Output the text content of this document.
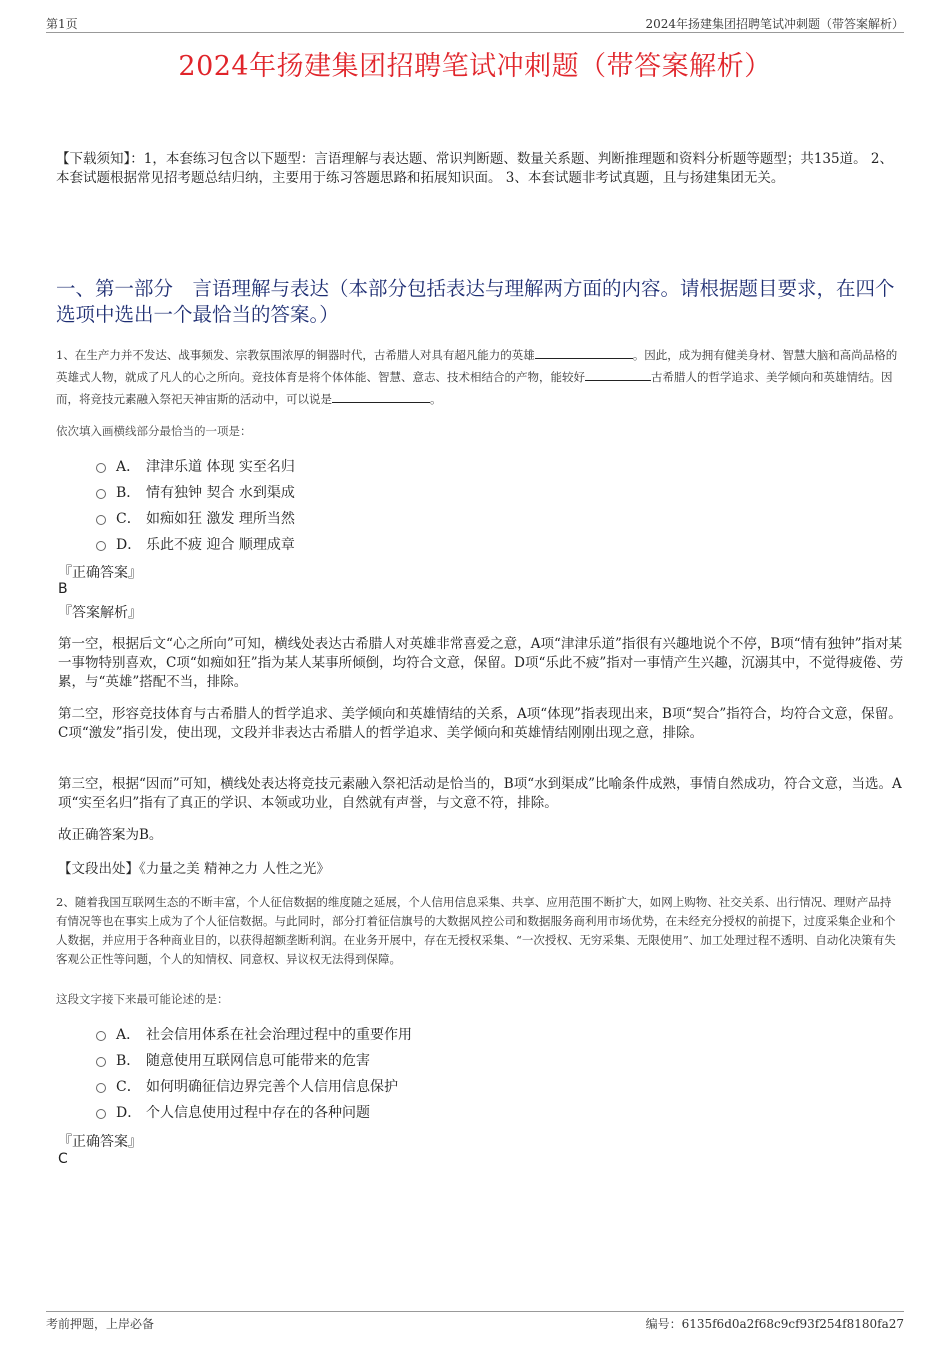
第1页	2024年扬建集团招聘笔试冲刺题（带答案解析）
2024年扬建集团招聘笔试冲刺题（带答案解析）
【下载须知】：1，本套练习包含以下题型：言语理解与表达题、常识判断题、数量关系题、判断推理题和资料分析题等题型；共135道。 2、本套试题根据常见招考题总结归纳，主要用于练习答题思路和拓展知识面。 3、本套试题非考试真题，且与扬建集团无关。
一、第一部分　言语理解与表达（本部分包括表达与理解两方面的内容。请根据题目要求，在四个选项中选出一个最恰当的答案。）
1、在生产力并不发达、战事频发、宗教氛围浓厚的铜器时代，古希腊人对具有超凡能力的英雄	。因此，成为拥有健美身材、智慧大脑和高尚品格的英雄式人物，就成了凡人的心之所向。竞技体育是将个体体能、智慧、意志、技术相结合的产物，能较好	古希腊人的哲学追求、美学倾向和英雄情结。因而，将竞技元素融入祭祀天神宙斯的活动中，可以说是	。
依次填入画横线部分最恰当的一项是：
A． 津津乐道 体现 实至名归
B． 情有独钟 契合 水到渠成
C． 如痴如狂 激发 理所当然
D． 乐此不疲 迎合 顺理成章
『正确答案』
B
『答案解析』
第一空，根据后文“心之所向”可知，横线处表达古希腊人对英雄非常喜爱之意，A项“津津乐道”指很有兴趣地说个不停，B项“情有独钟”指对某一事物特别喜欢，C项“如痴如狂”指为某人某事所倾倒，均符合文意，保留。D项“乐此不疲”指对一事情产生兴趣，沉溺其中，不觉得疲倦、劳累，与“英雄”搭配不当，排除。
第二空，形容竞技体育与古希腊人的哲学追求、美学倾向和英雄情结的关系，A项“体现”指表现出来，B项“契合”指符合，均符合文意，保留。C项“激发”指引发，使出现，文段并非表达古希腊人的哲学追求、美学倾向和英雄情结刚刚出现之意，排除。
第三空，根据“因而”可知，横线处表达将竞技元素融入祭祀活动是恰当的，B项“水到渠成”比喻条件成熟，事情自然成功，符合文意，当选。A项“实至名归”指有了真正的学识、本领或功业，自然就有声誉，与文意不符，排除。
故正确答案为B。
【文段出处】《力量之美 精神之力 人性之光》
2、随着我国互联网生态的不断丰富，个人征信数据的维度随之延展，个人信用信息采集、共享、应用范围不断扩大，如网上购物、社交关系、出行情况、理财产品持有情况等也在事实上成为了个人征信数据。与此同时，部分打着征信旗号的大数据风控公司和数据服务商利用市场优势，在未经充分授权的前提下，过度采集企业和个人数据，并应用于各种商业目的，以获得超额垄断利润。在业务开展中，存在无授权采集、“一次授权、无穷采集、无限使用”、加工处理过程不透明、自动化决策有失客观公正性等问题，个人的知情权、同意权、异议权无法得到保障。
这段文字接下来最可能论述的是：
A． 社会信用体系在社会治理过程中的重要作用
B． 随意使用互联网信息可能带来的危害
C． 如何明确征信边界完善个人信用信息保护
D． 个人信息使用过程中存在的各种问题
『正确答案』
C
考前押题，上岸必备	编号：6135f6d0a2f68c9cf93f254f8180fa27
